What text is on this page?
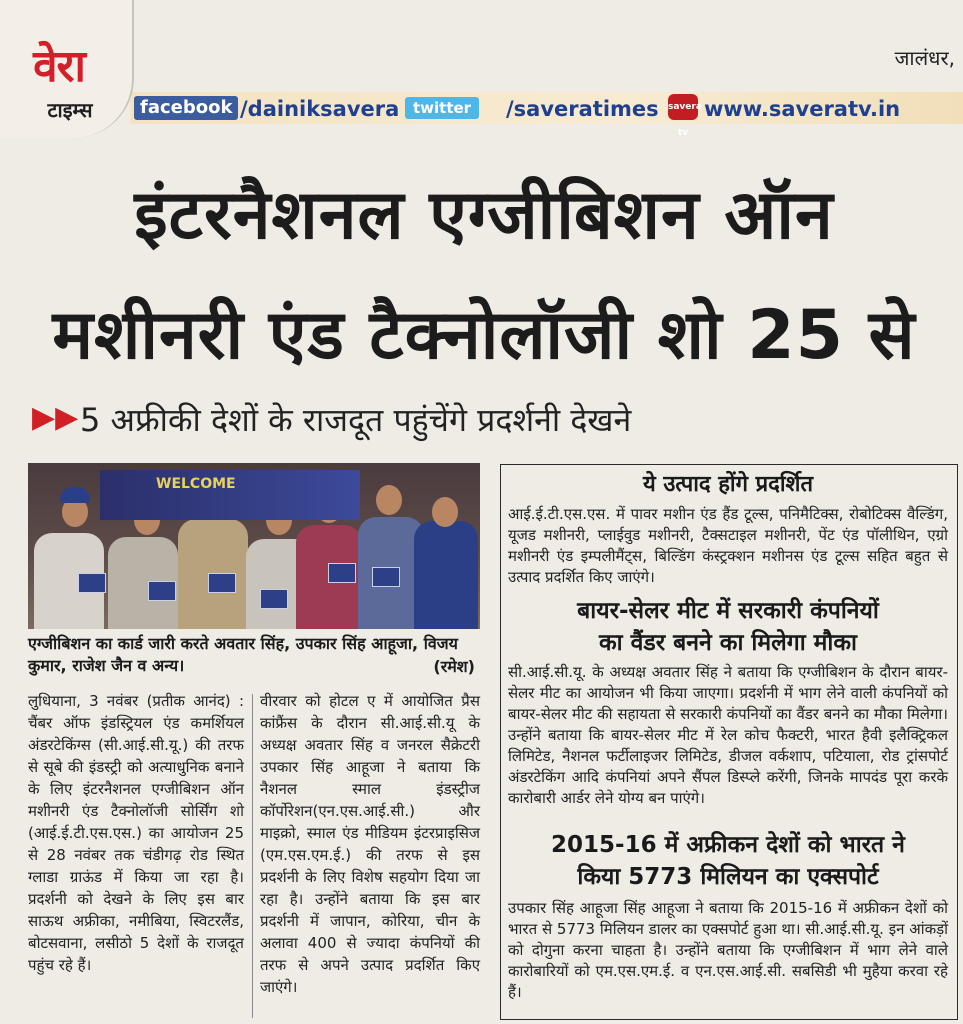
वेरा
टाइम्स
जालंधर,
facebook /dainiksavera twitter	/saveratimes savera tv
www.saveratv.in
इंटरनैशनल एग्जीबिशन ऑन
मशीनरी एंड टैक्नोलॉजी शो 25 से
▶▶ 5 अफ्रीकी देशों के राजदूत पहुंचेंगे प्रदर्शनी देखने
WELCOME
एग्जीबिशन का कार्ड जारी करते अवतार सिंह, उपकार सिंह आहूजा, विजय कुमार, राजेश जैन व अन्य।	(रमेश)
लुधियाना, 3 नवंबर (प्रतीक आनंद) : चैंबर ऑफ इंडस्ट्रियल एंड कमर्शियल अंडरटेकिंग्स (सी.आई.सी.यू.) की तरफ से सूबे की इंडस्ट्री को अत्याधुनिक बनाने के लिए इंटरनैशनल एग्जीबिशन ऑन मशीनरी एंड टैक्नोलॉजी सोर्सिंग शो (आई.ई.टी.एस.एस.) का आयोजन 25 से 28 नवंबर तक चंडीगढ़ रोड स्थित ग्लाडा ग्राऊंड में किया जा रहा है। प्रदर्शनी को देखने के लिए इस बार साऊथ अफ्रीका, नमीबिया, स्विटरलैंड, बोटसवाना, लसीठो 5 देशों के राजदूत पहुंच रहे हैं।
वीरवार को होटल ए में आयोजित प्रैस कांफ्रैंस के दौरान सी.आई.सी.यू के अध्यक्ष अवतार सिंह व जनरल सैक्रेटरी उपकार सिंह आहूजा ने बताया कि नैशनल स्माल इंडस्ट्रीज कॉर्पोरेशन(एन.एस.आई.सी.) और माइक्रो, स्माल एंड मीडियम इंटरप्राइसिज (एम.एस.एम.ई.) की तरफ से इस प्रदर्शनी के लिए विशेष सहयोग दिया जा रहा है। उन्होंने बताया कि इस बार प्रदर्शनी में जापान, कोरिया, चीन के अलावा 400 से ज्यादा कंपनियों की तरफ से अपने उत्पाद प्रदर्शित किए जाएंगे।
ये उत्पाद होंगे प्रदर्शित
आई.ई.टी.एस.एस. में पावर मशीन एंड हैंड टूल्स, पनिमैटिक्स, रोबोटिक्स वैल्डिंग, यूजड मशीनरी, प्लाईवुड मशीनरी, टैक्सटाइल मशीनरी, पेंट एंड पॉलीथिन, एग्रो मशीनरी एंड इम्पलीमैंट्स, बिल्डिंग कंस्ट्रक्शन मशीनस एंड टूल्स सहित बहुत से उत्पाद प्रदर्शित किए जाएंगे।
बायर-सेलर मीट में सरकारी कंपनियों
का वैंडर बनने का मिलेगा मौका
सी.आई.सी.यू. के अध्यक्ष अवतार सिंह ने बताया कि एग्जीबिशन के दौरान बायर-सेलर मीट का आयोजन भी किया जाएगा। प्रदर्शनी में भाग लेने वाली कंपनियों को बायर-सेलर मीट की सहायता से सरकारी कंपनियों का वैंडर बनने का मौका मिलेगा। उन्होंने बताया कि बायर-सेलर मीट में रेल कोच फैक्टरी, भारत हैवी इलैक्ट्रिकल लिमिटेड, नैशनल फर्टीलाइजर लिमिटेड, डीजल वर्कशाप, पटियाला, रोड ट्रांसपोर्ट अंडरटेकिंग आदि कंपनियां अपने सैंपल डिस्प्ले करेंगी, जिनके मापदंड पूरा करके कारोबारी आर्डर लेने योग्य बन पाएंगे।
2015-16 में अफ्रीकन देशों को भारत ने
किया 5773 मिलियन का एक्सपोर्ट
उपकार सिंह आहूजा सिंह आहूजा ने बताया कि 2015-16 में अफ्रीकन देशों को भारत से 5773 मिलियन डालर का एक्सपोर्ट हुआ था। सी.आई.सी.यू. इन आंकड़ों को दोगुना करना चाहता है। उन्होंने बताया कि एग्जीबिशन में भाग लेने वाले कारोबारियों को एम.एस.एम.ई. व एन.एस.आई.सी. सबसिडी भी मुहैया करवा रहे हैं।
